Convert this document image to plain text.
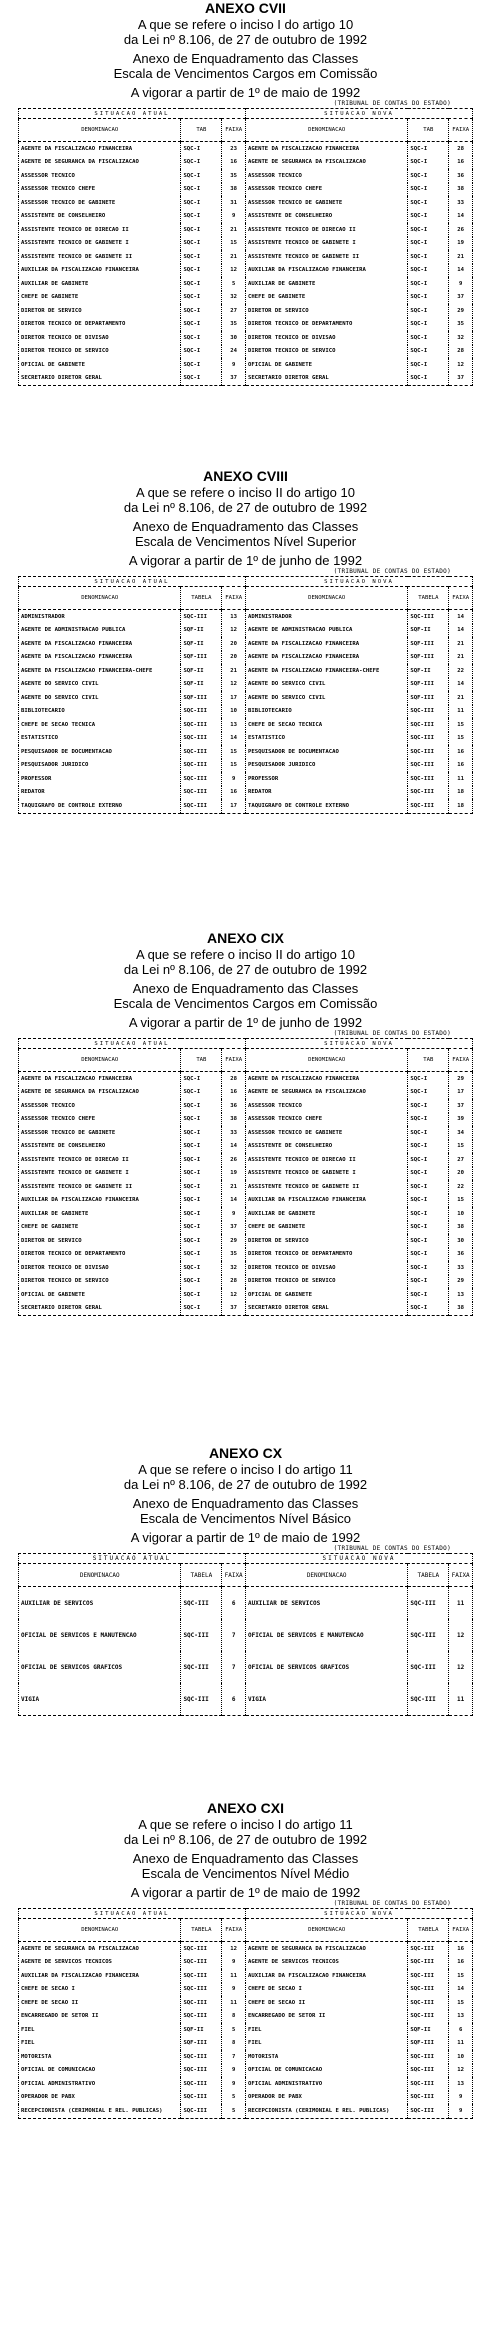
ANEXO CVII
A que se refere o inciso I do artigo 10
da Lei nº 8.106, de 27 de outubro de 1992
Anexo de Enquadramento das Classes
Escala de Vencimentos Cargos em Comissão
A vigorar a partir de 1º de maio de 1992
(TRIBUNAL DE CONTAS DO ESTADO)
SITUACAO ATUAL			SITUACAO NOVA		
DENOMINACAO	TAB	FAIXA	DENOMINACAO	TAB	FAIXA
AGENTE DA FISCALIZACAO FINANCEIRA	SQC-I	23	AGENTE DA FISCALIZACAO FINANCEIRA	SQC-I	28
AGENTE DE SEGURANCA DA FISCALIZACAO	SQC-I	16	AGENTE DE SEGURANCA DA FISCALIZACAO	SQC-I	16
ASSESSOR TECNICO	SQC-I	35	ASSESSOR TECNICO	SQC-I	36
ASSESSOR TECNICO CHEFE	SQC-I	38	ASSESSOR TECNICO CHEFE	SQC-I	38
ASSESSOR TECNICO DE GABINETE	SQC-I	31	ASSESSOR TECNICO DE GABINETE	SQC-I	33
ASSISTENTE DE CONSELHEIRO	SQC-I	9	ASSISTENTE DE CONSELHEIRO	SQC-I	14
ASSISTENTE TECNICO DE DIRECAO II	SQC-I	21	ASSISTENTE TECNICO DE DIRECAO II	SQC-I	26
ASSISTENTE TECNICO DE GABINETE I	SQC-I	15	ASSISTENTE TECNICO DE GABINETE I	SQC-I	19
ASSISTENTE TECNICO DE GABINETE II	SQC-I	21	ASSISTENTE TECNICO DE GABINETE II	SQC-I	21
AUXILIAR DA FISCALIZACAO FINANCEIRA	SQC-I	12	AUXILIAR DA FISCALIZACAO FINANCEIRA	SQC-I	14
AUXILIAR DE GABINETE	SQC-I	5	AUXILIAR DE GABINETE	SQC-I	9
CHEFE DE GABINETE	SQC-I	32	CHEFE DE GABINETE	SQC-I	37
DIRETOR DE SERVICO	SQC-I	27	DIRETOR DE SERVICO	SQC-I	29
DIRETOR TECNICO DE DEPARTAMENTO	SQC-I	35	DIRETOR TECNICO DE DEPARTAMENTO	SQC-I	35
DIRETOR TECNICO DE DIVISAO	SQC-I	30	DIRETOR TECNICO DE DIVISAO	SQC-I	32
DIRETOR TECNICO DE SERVICO	SQC-I	24	DIRETOR TECNICO DE SERVICO	SQC-I	28
OFICIAL DE GABINETE	SQC-I	9	OFICIAL DE GABINETE	SQC-I	12
SECRETARIO DIRETOR GERAL	SQC-I	37	SECRETARIO DIRETOR GERAL	SQC-I	37
ANEXO CVIII
A que se refere o inciso II do artigo 10
da Lei nº 8.106, de 27 de outubro de 1992
Anexo de Enquadramento das Classes
Escala de Vencimentos Nível Superior
A vigorar a partir de 1º de junho de 1992
(TRIBUNAL DE CONTAS DO ESTADO)
SITUACAO ATUAL			SITUACAO NOVA		
DENOMINACAO	TABELA	FAIXA	DENOMINACAO	TABELA	FAIXA
ADMINISTRADOR	SQC-III	13	ADMINISTRADOR	SQC-III	14
AGENTE DE ADMINISTRACAO PUBLICA	SQF-II	12	AGENTE DE ADMINISTRACAO PUBLICA	SQF-II	14
AGENTE DA FISCALIZACAO FINANCEIRA	SQF-II	20	AGENTE DA FISCALIZACAO FINANCEIRA	SQF-III	21
AGENTE DA FISCALIZACAO FINANCEIRA	SQF-III	20	AGENTE DA FISCALIZACAO FINANCEIRA	SQF-III	21
AGENTE DA FISCALIZACAO FINANCEIRA-CHEFE	SQF-II	21	AGENTE DA FISCALIZACAO FINANCEIRA-CHEFE	SQF-II	22
AGENTE DO SERVICO CIVIL	SQF-II	12	AGENTE DO SERVICO CIVIL	SQF-III	14
AGENTE DO SERVICO CIVIL	SQF-III	17	AGENTE DO SERVICO CIVIL	SQF-III	21
BIBLIOTECARIO	SQC-III	10	BIBLIOTECARIO	SQC-III	11
CHEFE DE SECAO TECNICA	SQC-III	13	CHEFE DE SECAO TECNICA	SQC-III	15
ESTATISTICO	SQC-III	14	ESTATISTICO	SQC-III	15
PESQUISADOR DE DOCUMENTACAO	SQC-III	15	PESQUISADOR DE DOCUMENTACAO	SQC-III	16
PESQUISADOR JURIDICO	SQC-III	15	PESQUISADOR JURIDICO	SQC-III	16
PROFESSOR	SQC-III	9	PROFESSOR	SQC-III	11
REDATOR	SQC-III	16	REDATOR	SQC-III	18
TAQUIGRAFO DE CONTROLE EXTERNO	SQC-III	17	TAQUIGRAFO DE CONTROLE EXTERNO	SQC-III	18
ANEXO CIX
A que se refere o inciso II do artigo 10
da Lei nº 8.106, de 27 de outubro de 1992
Anexo de Enquadramento das Classes
Escala de Vencimentos Cargos em Comissão
A vigorar a partir de 1º de junho de 1992
(TRIBUNAL DE CONTAS DO ESTADO)
SITUACAO ATUAL			SITUACAO NOVA		
DENOMINACAO	TAB	FAIXA	DENOMINACAO	TAB	FAIXA
AGENTE DA FISCALIZACAO FINANCEIRA	SQC-I	28	AGENTE DA FISCALIZACAO FINANCEIRA	SQC-I	29
AGENTE DE SEGURANCA DA FISCALIZACAO	SQC-I	16	AGENTE DE SEGURANCA DA FISCALIZACAO	SQC-I	17
ASSESSOR TECNICO	SQC-I	36	ASSESSOR TECNICO	SQC-I	37
ASSESSOR TECNICO CHEFE	SQC-I	38	ASSESSOR TECNICO CHEFE	SQC-I	39
ASSESSOR TECNICO DE GABINETE	SQC-I	33	ASSESSOR TECNICO DE GABINETE	SQC-I	34
ASSISTENTE DE CONSELHEIRO	SQC-I	14	ASSISTENTE DE CONSELHEIRO	SQC-I	15
ASSISTENTE TECNICO DE DIRECAO II	SQC-I	26	ASSISTENTE TECNICO DE DIRECAO II	SQC-I	27
ASSISTENTE TECNICO DE GABINETE I	SQC-I	19	ASSISTENTE TECNICO DE GABINETE I	SQC-I	20
ASSISTENTE TECNICO DE GABINETE II	SQC-I	21	ASSISTENTE TECNICO DE GABINETE II	SQC-I	22
AUXILIAR DA FISCALIZACAO FINANCEIRA	SQC-I	14	AUXILIAR DA FISCALIZACAO FINANCEIRA	SQC-I	15
AUXILIAR DE GABINETE	SQC-I	9	AUXILIAR DE GABINETE	SQC-I	10
CHEFE DE GABINETE	SQC-I	37	CHEFE DE GABINETE	SQC-I	38
DIRETOR DE SERVICO	SQC-I	29	DIRETOR DE SERVICO	SQC-I	30
DIRETOR TECNICO DE DEPARTAMENTO	SQC-I	35	DIRETOR TECNICO DE DEPARTAMENTO	SQC-I	36
DIRETOR TECNICO DE DIVISAO	SQC-I	32	DIRETOR TECNICO DE DIVISAO	SQC-I	33
DIRETOR TECNICO DE SERVICO	SQC-I	28	DIRETOR TECNICO DE SERVICO	SQC-I	29
OFICIAL DE GABINETE	SQC-I	12	OFICIAL DE GABINETE	SQC-I	13
SECRETARIO DIRETOR GERAL	SQC-I	37	SECRETARIO DIRETOR GERAL	SQC-I	38
ANEXO CX
A que se refere o inciso I do artigo 11
da Lei nº 8.106, de 27 de outubro de 1992
Anexo de Enquadramento das Classes
Escala de Vencimentos Nível Básico
A vigorar a partir de 1º de maio de 1992
(TRIBUNAL DE CONTAS DO ESTADO)
SITUACAO ATUAL			SITUACAO NOVA		
DENOMINACAO	TABELA	FAIXA	DENOMINACAO	TABELA	FAIXA
AUXILIAR DE SERVICOS	SQC-III	6	AUXILIAR DE SERVICOS	SQC-III	11
OFICIAL DE SERVICOS E MANUTENCAO	SQC-III	7	OFICIAL DE SERVICOS E MANUTENCAO	SQC-III	12
OFICIAL DE SERVICOS GRAFICOS	SQC-III	7	OFICIAL DE SERVICOS GRAFICOS	SQC-III	12
VIGIA	SQC-III	6	VIGIA	SQC-III	11
ANEXO CXI
A que se refere o inciso I do artigo 11
da Lei nº 8.106, de 27 de outubro de 1992
Anexo de Enquadramento das Classes
Escala de Vencimentos Nível Médio
A vigorar a partir de 1º de maio de 1992
(TRIBUNAL DE CONTAS DO ESTADO)
SITUACAO ATUAL			SITUACAO NOVA		
DENOMINACAO	TABELA	FAIXA	DENOMINACAO	TABELA	FAIXA
AGENTE DE SEGURANCA DA FISCALIZACAO	SQC-III	12	AGENTE DE SEGURANCA DA FISCALIZACAO	SQC-III	16
AGENTE DE SERVICOS TECNICOS	SQC-III	9	AGENTE DE SERVICOS TECNICOS	SQC-III	16
AUXILIAR DA FISCALIZACAO FINANCEIRA	SQC-III	11	AUXILIAR DA FISCALIZACAO FINANCEIRA	SQC-III	15
CHEFE DE SECAO I	SQC-III	9	CHEFE DE SECAO I	SQC-III	14
CHEFE DE SECAO II	SQC-III	11	CHEFE DE SECAO II	SQC-III	15
ENCARREGADO DE SETOR II	SQC-III	8	ENCARREGADO DE SETOR II	SQC-III	13
FIEL	SQF-II	5	FIEL	SQF-II	6
FIEL	SQF-III	8	FIEL	SQF-III	11
MOTORISTA	SQC-III	7	MOTORISTA	SQC-III	10
OFICIAL DE COMUNICACAO	SQC-III	9	OFICIAL DE COMUNICACAO	SQC-III	12
OFICIAL ADMINISTRATIVO	SQC-III	9	OFICIAL ADMINISTRATIVO	SQC-III	13
OPERADOR DE PABX	SQC-III	5	OPERADOR DE PABX	SQC-III	9
RECEPCIONISTA (CERIMONIAL E REL. PUBLICAS)	SQC-III	5	RECEPCIONISTA (CERIMONIAL E REL. PUBLICAS)	SQC-III	9
